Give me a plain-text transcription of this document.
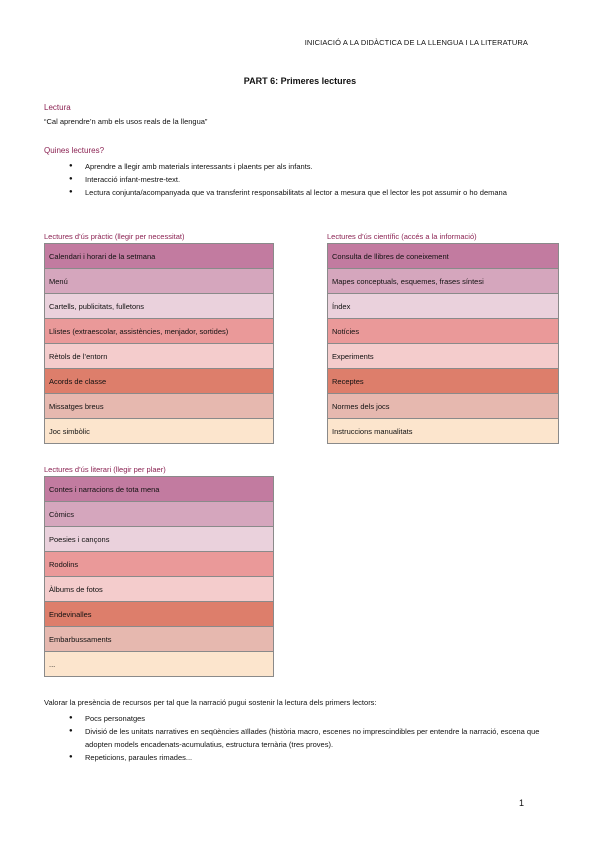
INICIACIÓ A LA DIDÀCTICA DE LA LLENGUA I LA LITERATURA
PART 6: Primeres lectures
Lectura
“Cal aprendre’n amb els usos reals de la llengua”
Quines lectures?
● Aprendre a llegir amb materials interessants i plaents per als infants.
● Interacció infant-mestre-text.
● Lectura conjunta/acompanyada que va transferint responsabilitats al lector a mesura que el lector les pot assumir o ho demana
Lectures d’ús pràctic (llegir per necessitat)
Calendari i horari de la setmana
Menú
Cartells, publicitats, fulletons
Llistes (extraescolar, assistències, menjador, sortides)
Rètols de l’entorn
Acords de classe
Missatges breus
Joc simbòlic
Lectures d’ús científic (accés a la informació)
Consulta de llibres de coneixement
Mapes conceptuals, esquemes, frases síntesi
Índex
Notícies
Experiments
Receptes
Normes dels jocs
Instruccions manualitats
Lectures d’ús literari (llegir per plaer)
Contes i narracions de tota mena
Còmics
Poesies i cançons
Rodolins
Àlbums de fotos
Endevinalles
Embarbussaments
...
Valorar la presència de recursos per tal que la narració pugui sostenir la lectura dels primers lectors:
● Pocs personatges
● Divisió de les unitats narratives en seqüències aïllades (història macro, escenes no imprescindibles per entendre la narració, escena que adopten models encadenats-acumulatius, estructura ternària (tres proves).
● Repeticions, paraules rimades...
1
